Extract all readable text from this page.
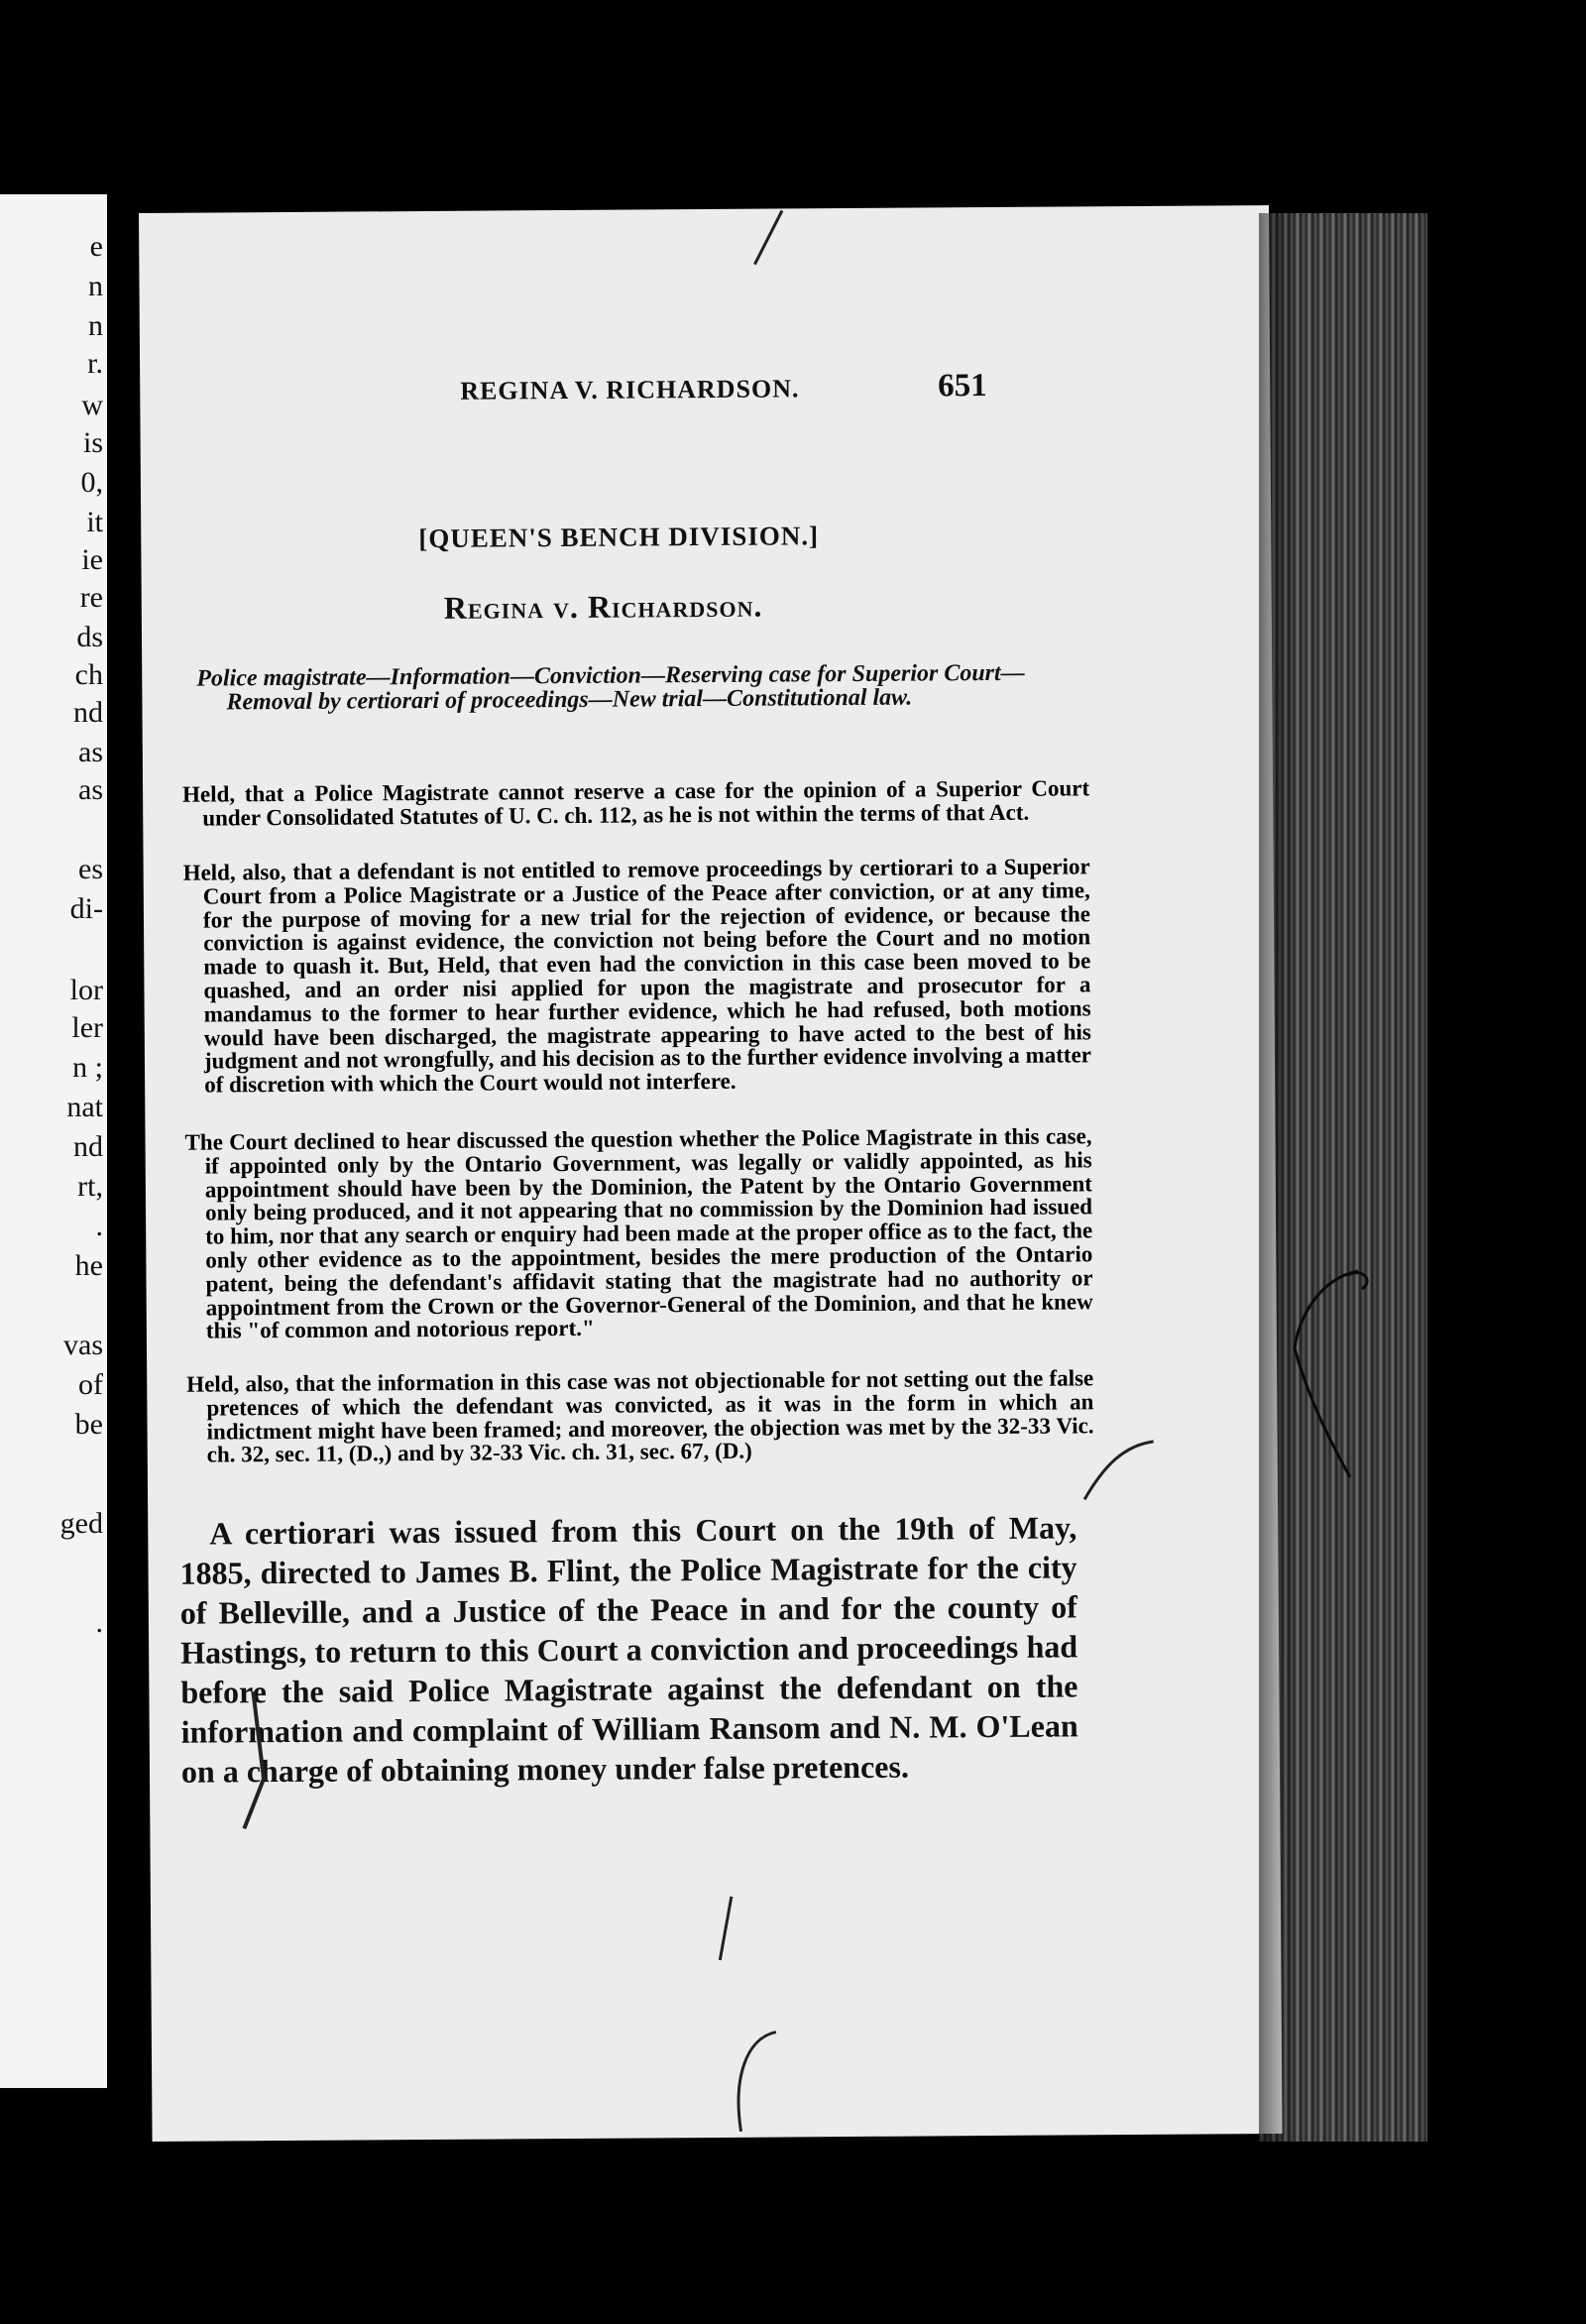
e
n
n
r.
w
is
0,
it
ie
re
ds
ch
nd
as
as
es
di-
lor
ler
n ;
nat
nd
rt,
.
he
vas
of
be
ged
.
REGINA V. RICHARDSON.	651
[QUEEN'S BENCH DIVISION.]
Regina v. Richardson.
Police magistrate—Information—Conviction—Reserving case for Superior Court—Removal by certiorari of proceedings—New trial—Constitutional law.
Held, that a Police Magistrate cannot reserve a case for the opinion of a Superior Court under Consolidated Statutes of U. C. ch. 112, as he is not within the terms of that Act.
Held, also, that a defendant is not entitled to remove proceedings by certiorari to a Superior Court from a Police Magistrate or a Justice of the Peace after conviction, or at any time, for the purpose of moving for a new trial for the rejection of evidence, or because the conviction is against evidence, the conviction not being before the Court and no motion made to quash it. But, Held, that even had the conviction in this case been moved to be quashed, and an order nisi applied for upon the magistrate and prosecutor for a mandamus to the former to hear further evidence, which he had refused, both motions would have been discharged, the magistrate appearing to have acted to the best of his judgment and not wrongfully, and his decision as to the further evidence involving a matter of discretion with which the Court would not interfere.
The Court declined to hear discussed the question whether the Police Magistrate in this case, if appointed only by the Ontario Government, was legally or validly appointed, as his appointment should have been by the Dominion, the Patent by the Ontario Government only being produced, and it not appearing that no commission by the Dominion had issued to him, nor that any search or enquiry had been made at the proper office as to the fact, the only other evidence as to the appointment, besides the mere production of the Ontario patent, being the defendant's affidavit stating that the magistrate had no authority or appointment from the Crown or the Governor-General of the Dominion, and that he knew this "of common and notorious report."
Held, also, that the information in this case was not objectionable for not setting out the false pretences of which the defendant was convicted, as it was in the form in which an indictment might have been framed; and moreover, the objection was met by the 32-33 Vic. ch. 32, sec. 11, (D.,) and by 32-33 Vic. ch. 31, sec. 67, (D.)
A certiorari was issued from this Court on the 19th of May, 1885, directed to James B. Flint, the Police Magistrate for the city of Belleville, and a Justice of the Peace in and for the county of Hastings, to return to this Court a conviction and proceedings had before the said Police Magistrate against the defendant on the information and complaint of William Ransom and N. M. O'Lean on a charge of obtaining money under false pretences.
